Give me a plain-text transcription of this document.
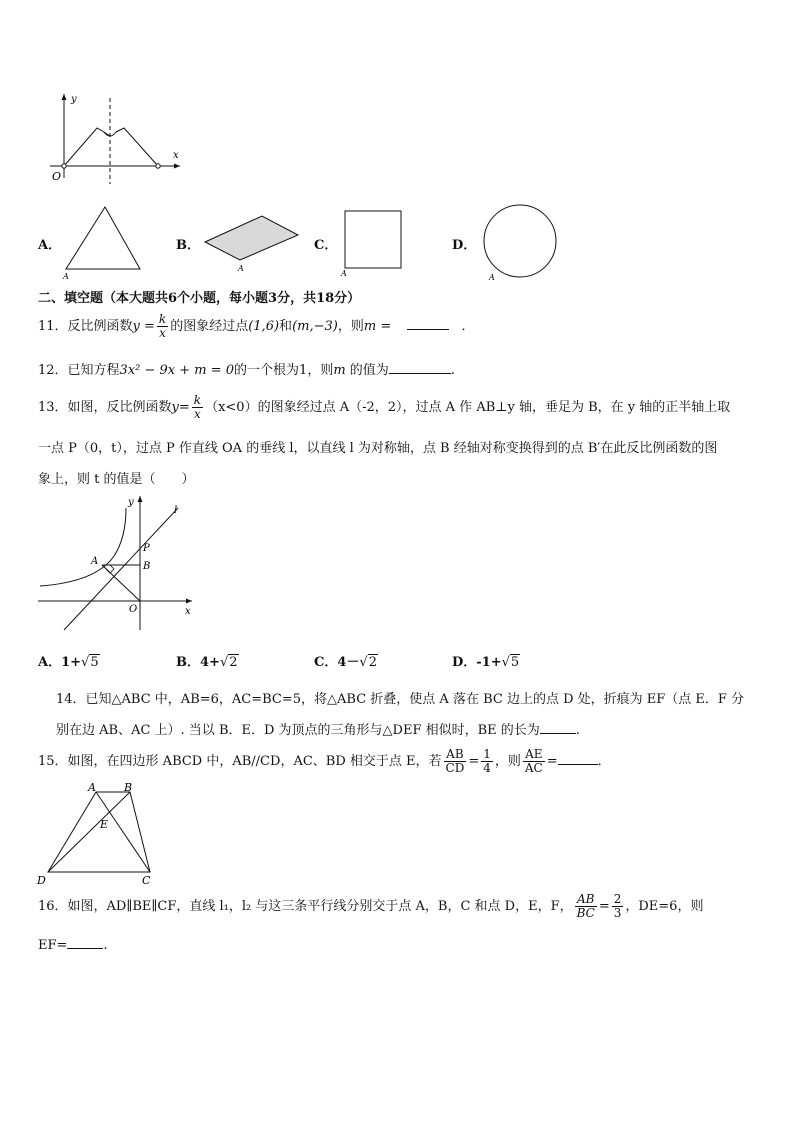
x
y
O
A．
A
B．
A
C．
A
D．
A
二、填空题（本大题共6个小题，每小题3分，共18分）
11．反比例函数$y = \frac{k}{x}$ 的图象经过点(1,6)和(m,−3)，则m =	．
12．已知方程3x² − 9x + m = 0的一个根为1，则m 的值为	.
13．如图，反比例函数$y= \frac{k}{x} (x<0)$的图象经过点 A（-2，2），过点 A 作 AB⊥y 轴，垂足为 B，在 y 轴的正半轴上取
一点 P（0，t），过点 P 作直线 OA 的垂线 l，以直线 l 为对称轴，点 B 经轴对称变换得到的点 B′在此反比例函数的图
象上，则 t 的值是（　　）
y
x
l
P
A	B
O
A．1+√5	B．4+√2	C．4－√2	D．-1+√5
14．已知△ABC 中，AB=6，AC=BC=5，将△ABC 折叠，使点 A 落在 BC 边上的点 D 处，折痕为 EF（点 E．F 分
别在边 AB、AC 上）. 当以 B．E．D 为顶点的三角形与△DEF 相似时，BE 的长为	.
15．如图，在四边形 ABCD 中，AB//CD，AC、BD 相交于点 E，若 $\frac{AB}{CD} = \frac{1}{4}$ ，则 $\frac{AE}{AC}$ =	．
A	B
E
D	C
16．如图，AD∥BE∥CF，直线 l₁，l₂ 与这三条平行线分别交于点 A，B，C 和点 D，E，F， $\frac{AB}{BC} = \frac{2}{3}$ ，DE=6，则
EF=	.
